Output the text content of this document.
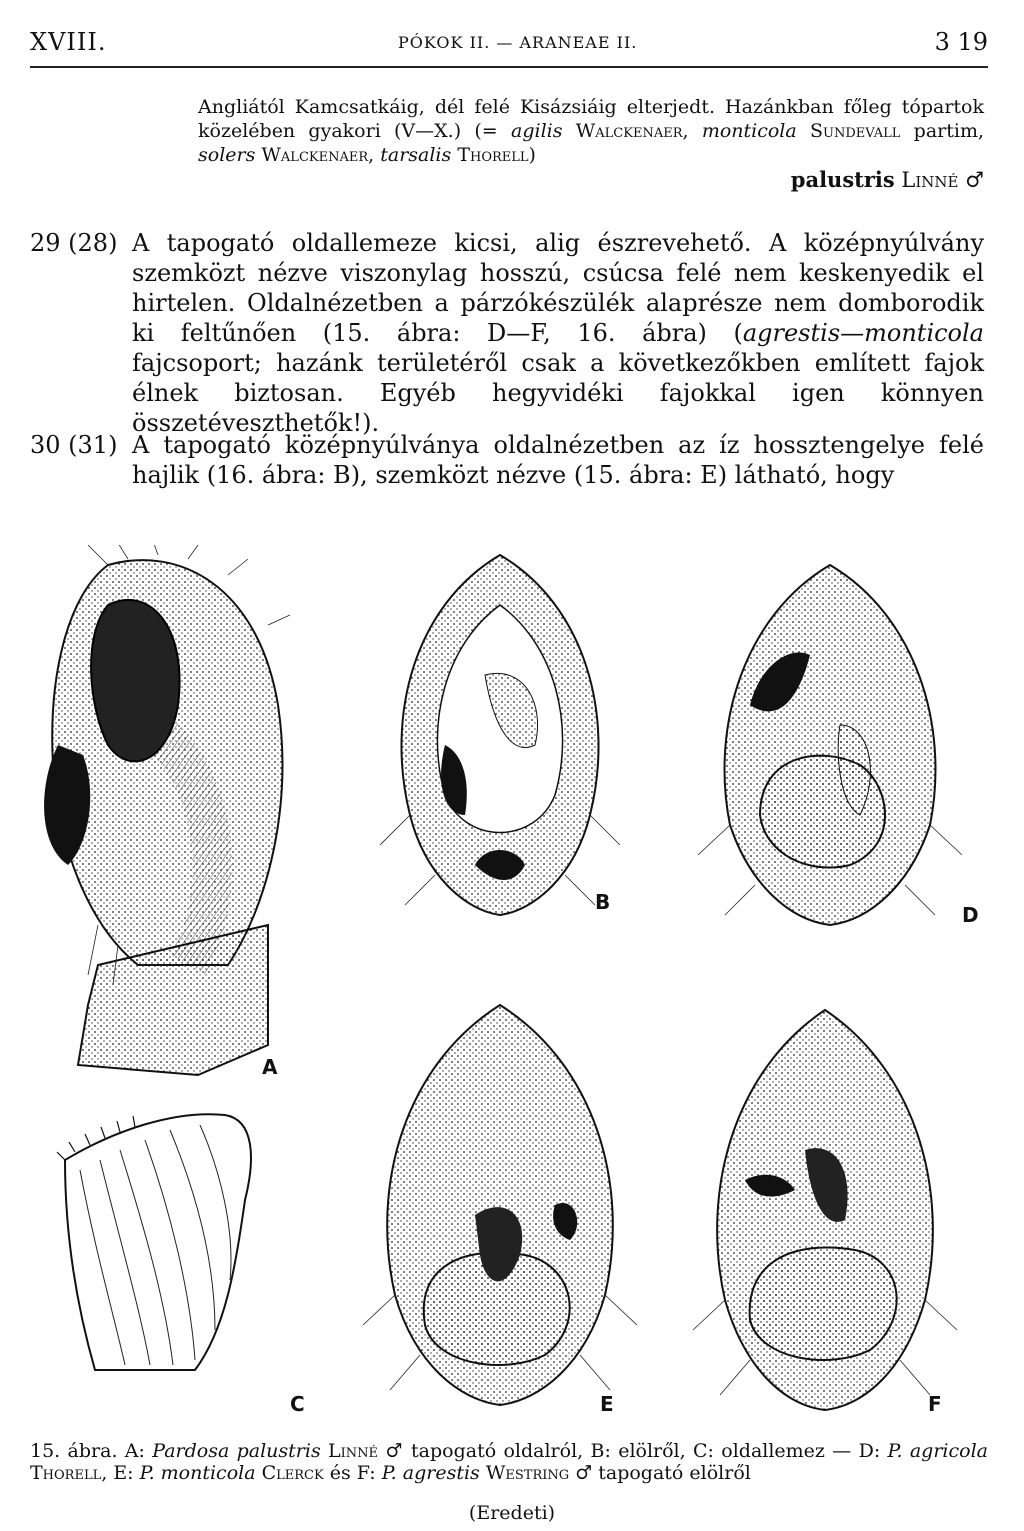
XVIII.	PÓKOK II. — ARANEAE II.	3 19
Angliától Kamcsatkáig, dél felé Kisázsiáig elterjedt. Hazánkban főleg tópartok közelében gyakori (V—X.) (= agilis Walckenaer, monticola Sundevall partim, solers Walckenaer, tarsalis Thorell)
palustris Linné ♂
29 (28) A tapogató oldallemeze kicsi, alig észrevehető. A középnyúlvány szemközt nézve viszonylag hosszú, csúcsa felé nem keskenyedik el hirtelen. Oldalnézetben a párzókészülék alaprésze nem domborodik ki feltűnően (15. ábra: D—F, 16. ábra) (agrestis—monticola fajcsoport; hazánk területéről csak a következőkben említett fajok élnek biztosan. Egyéb hegyvidéki fajokkal igen könnyen összetéveszthetők!).
30 (31) A tapogató középnyúlványa oldalnézetben az íz hossztengelye felé hajlik (16. ábra: B), szemközt nézve (15. ábra: E) látható, hogy
A
B
D
C	E	F
15. ábra. A: Pardosa palustris Linné ♂ tapogató oldalról, B: elölről, C: oldallemez — D: P. agricola Thorell, E: P. monticola Clerck és F: P. agrestis Westring ♂ tapogató elölről
(Eredeti)
